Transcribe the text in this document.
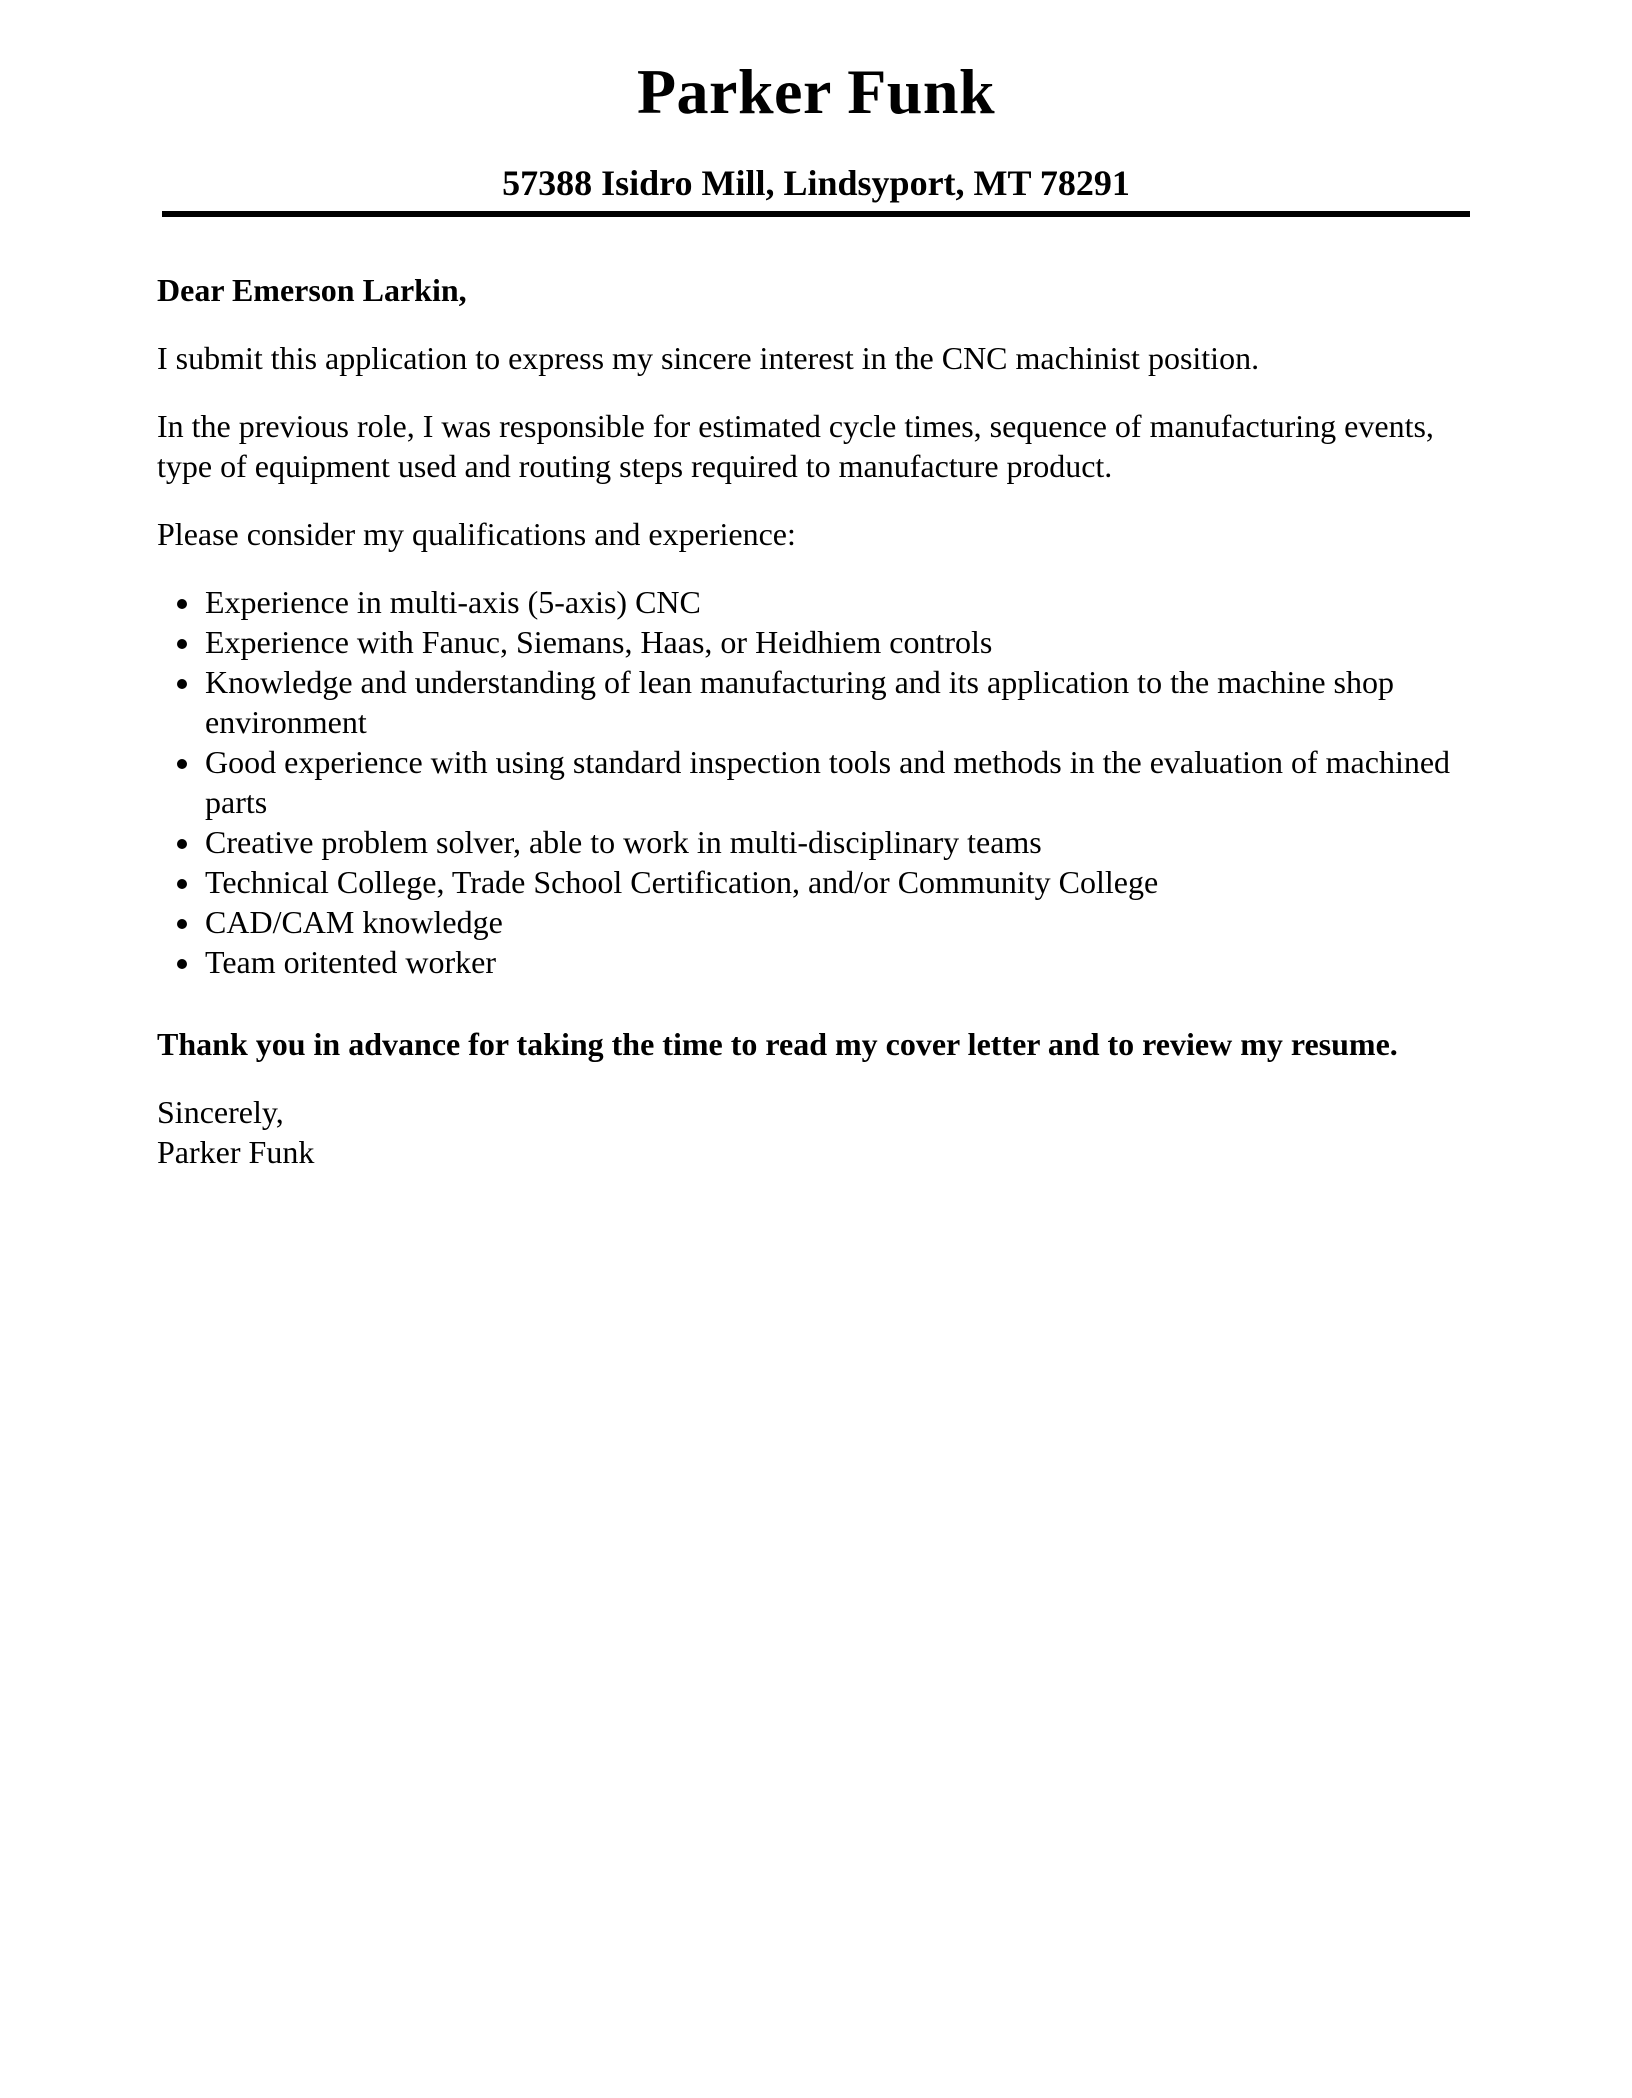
Parker Funk
57388 Isidro Mill, Lindsyport, MT 78291

Dear Emerson Larkin,

I submit this application to express my sincere interest in the CNC machinist position.

In the previous role, I was responsible for estimated cycle times, sequence of manufacturing events, type of equipment used and routing steps required to manufacture product.

Please consider my qualifications and experience:

• Experience in multi-axis (5-axis) CNC
• Experience with Fanuc, Siemans, Haas, or Heidhiem controls
• Knowledge and understanding of lean manufacturing and its application to the machine shop environment
• Good experience with using standard inspection tools and methods in the evaluation of machined parts
• Creative problem solver, able to work in multi-disciplinary teams
• Technical College, Trade School Certification, and/or Community College
• CAD/CAM knowledge
• Team oritented worker

Thank you in advance for taking the time to read my cover letter and to review my resume.

Sincerely,
Parker Funk
